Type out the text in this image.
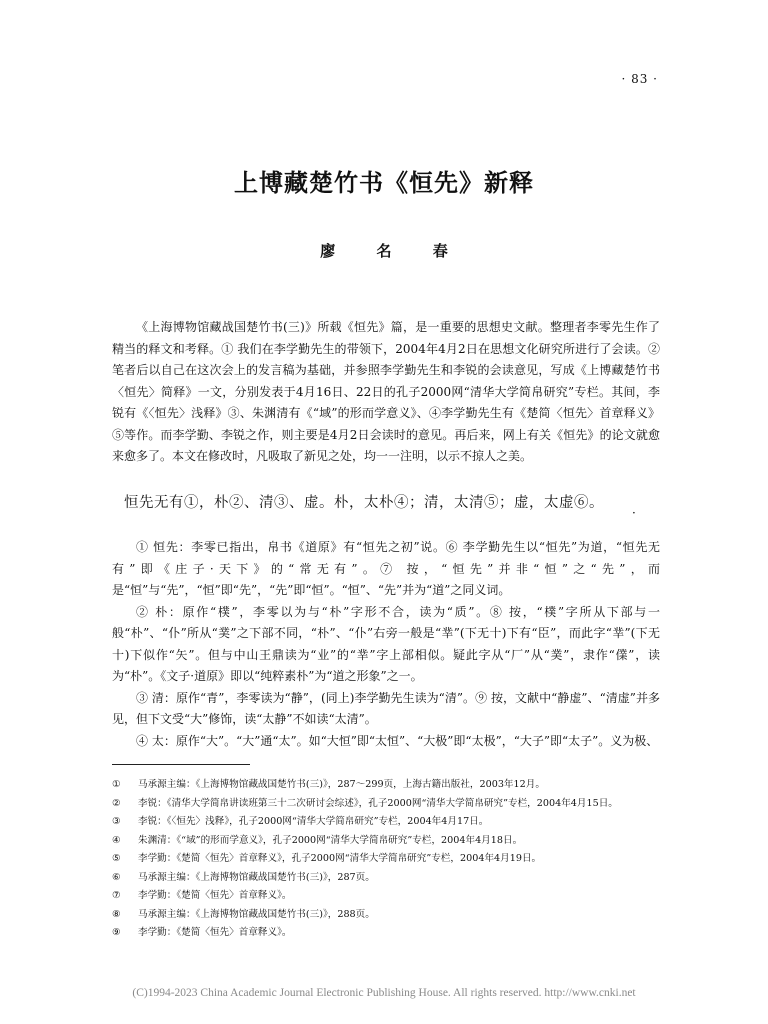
· 83 ·
上博藏楚竹书《恒先》新释
廖 名 春
《上海博物馆藏战国楚竹书(三)》所载《恒先》篇，是一重要的思想史文献。整理者李零先生作了精当的释文和考释。① 我们在李学勤先生的带领下，2004年4月2日在思想文化研究所进行了会读。② 笔者后以自己在这次会上的发言稿为基础，并参照李学勤先生和李锐的会读意见，写成《上博藏楚竹书〈恒先〉简释》一文，分别发表于4月16日、22日的孔子2000网“清华大学简帛研究”专栏。其间，李锐有《〈恒先〉浅释》③、朱渊清有《“域”的形而学意义》、④李学勤先生有《楚简〈恒先〉首章释义》⑤等作。而李学勤、李锐之作，则主要是4月2日会读时的意见。再后来，网上有关《恒先》的论文就愈来愈多了。本文在修改时，凡吸取了新见之处，均一一注明，以示不掠人之美。
恒先无有①，朴②、清③、虚。朴，太朴④；清，太清⑤；虚，太虚⑥。
·

① 恒先：李零已指出，帛书《道原》有“恒先之初”说。⑥ 李学勤先生以“恒先”为道，“恒先无有”即《庄子·天下》的“常无有”。⑦ 按，“恒先”并非“恒”之“先”，而是“恒”与“先”，“恒”即“先”，“先”即“恒”。“恒”、“先”并为“道”之同义词。

② 朴：原作“樸”，李零以为与“朴”字形不合，读为“质”。⑧ 按，“樸”字所从下部与一般“朴”、“仆”所从“菐”之下部不同，“朴”、“仆”右旁一般是“丵”(下无十)下有“臣”，而此字“丵”(下无十)下似作“矢”。但与中山王鼎读为“业”的“丵”字上部相似。疑此字从“厂”从“菐”，隶作“㒒”，读为“朴”。《文子·道原》即以“纯粹素朴”为“道之形象”之一。

③ 清：原作“青”，李零读为“静”，(同上)李学勤先生读为“清”。⑨ 按，文献中“静虚”、“清虚”并多见，但下文受“大”修饰，读“太静”不如读“太清”。

④ 太：原作“大”。“大”通“太”。如“大恒”即“太恒”、“大极”即“太极”，“大子”即“太子”。义为极、

①	马承源主编：《上海博物馆藏战国楚竹书(三)》，287～299页，上海古籍出版社，2003年12月。
②	李锐：《清华大学简帛讲读班第三十二次研讨会综述》，孔子2000网“清华大学简帛研究”专栏，2004年4月15日。
③	李锐：《〈恒先〉浅释》，孔子2000网“清华大学简帛研究”专栏，2004年4月17日。
④	朱渊清：《“域”的形而学意义》，孔子2000网“清华大学简帛研究”专栏，2004年4月18日。
⑤	李学勤：《楚简〈恒先〉首章释义》，孔子2000网“清华大学简帛研究”专栏，2004年4月19日。
⑥	马承源主编：《上海博物馆藏战国楚竹书(三)》，287页。
⑦	李学勤：《楚简〈恒先〉首章释义》。
⑧	马承源主编：《上海博物馆藏战国楚竹书(三)》，288页。
⑨	李学勤：《楚简〈恒先〉首章释义》。
(C)1994-2023 China Academic Journal Electronic Publishing House. All rights reserved. http://www.cnki.net
